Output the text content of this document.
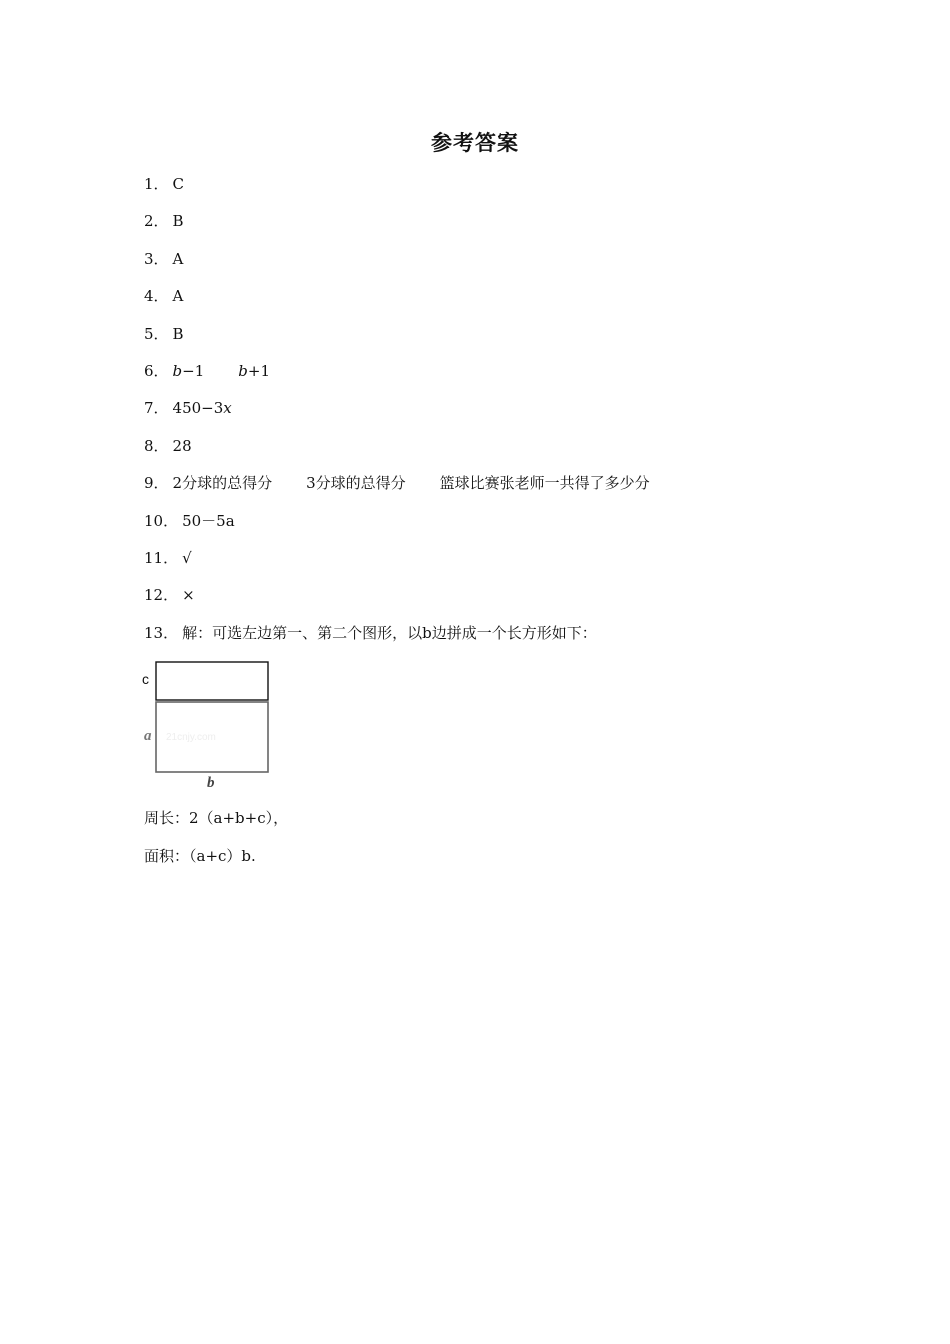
参考答案
1． C
2． B
3． A
4． A
5． B
6． b−1 b+1
7． 450−3x
8． 28
9． 2分球的总得分 3分球的总得分 篮球比赛张老师一共得了多少分
10． 50－5a
11． √
12． ×
13． 解：可选左边第一、第二个图形，以b边拼成一个长方形如下：
c
a 21cnjy.com
b
周长：2（a+b+c），
面积：（a+c）b.
